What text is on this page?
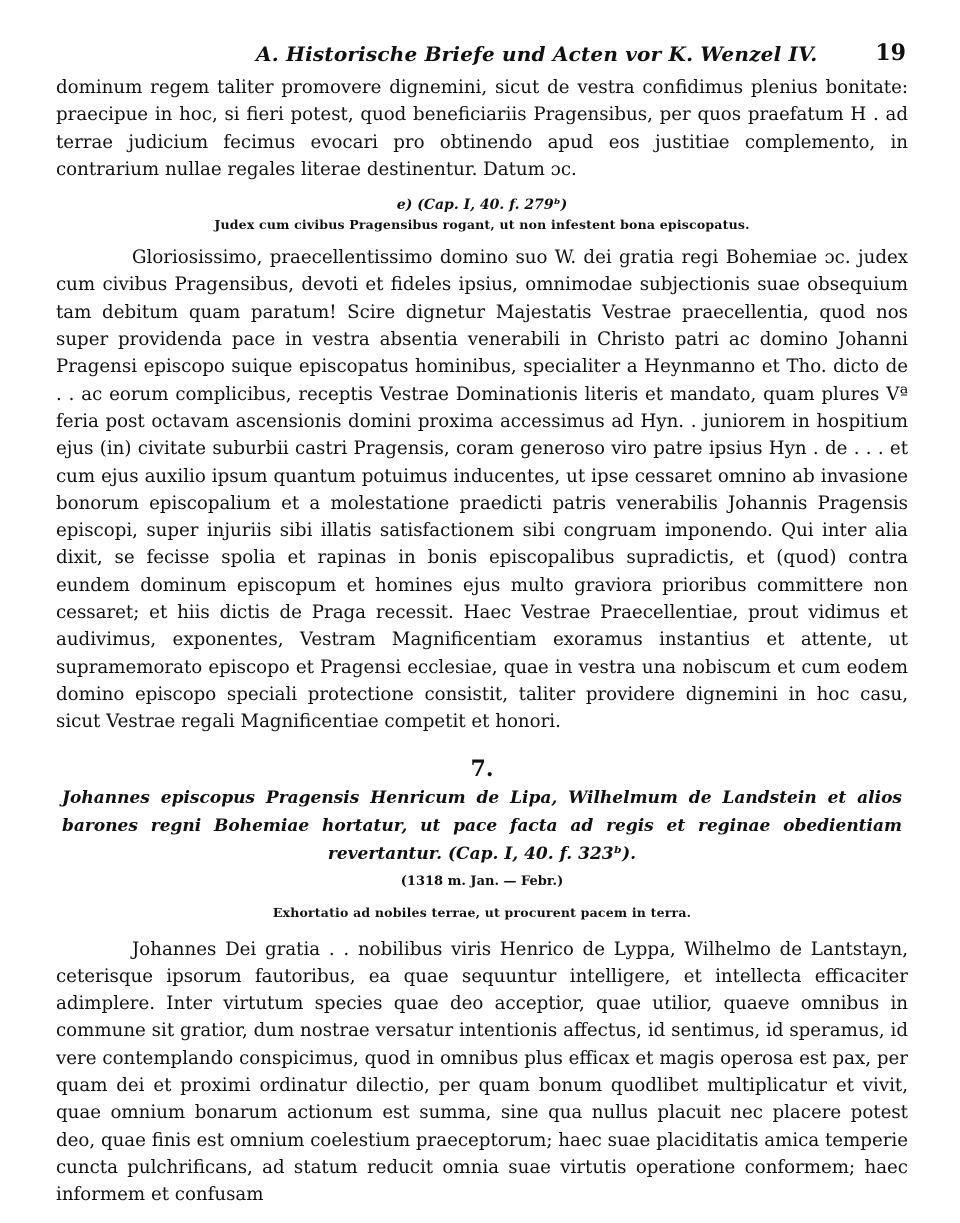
A. Historische Briefe und Acten vor K. Wenzel IV.	19

dominum regem taliter promovere dignemini, sicut de vestra confidimus plenius bonitate: praecipue in hoc, si fieri potest, quod beneficiariis Pragensibus, per quos praefatum H . ad terrae judicium fecimus evocari pro obtinendo apud eos justitiae complemento, in contrarium nullae regales literae destinentur. Datum ɔc.

e) (Cap. I, 40. f. 279ᵇ)
Judex cum civibus Pragensibus rogant, ut non infestent bona episcopatus.

Gloriosissimo, praecellentissimo domino suo W. dei gratia regi Bohemiae ɔc. judex cum civibus Pragensibus, devoti et fideles ipsius, omnimodae subjectionis suae obsequium tam debitum quam paratum! Scire dignetur Majestatis Vestrae praecellentia, quod nos super providenda pace in vestra absentia venerabili in Christo patri ac domino Johanni Pragensi episcopo suique episcopatus hominibus, specialiter a Heynmanno et Tho. dicto de . . ac eorum complicibus, receptis Vestrae Dominationis literis et mandato, quam plures Vª feria post octavam ascensionis domini proxima accessimus ad Hyn. . juniorem in hospitium ejus (in) civitate suburbii castri Pragensis, coram generoso viro patre ipsius Hyn . de . . . et cum ejus auxilio ipsum quantum potuimus inducentes, ut ipse cessaret omnino ab invasione bonorum episcopalium et a molestatione praedicti patris venerabilis Johannis Pragensis episcopi, super injuriis sibi illatis satisfactionem sibi congruam imponendo. Qui inter alia dixit, se fecisse spolia et rapinas in bonis episcopalibus supradictis, et (quod) contra eundem dominum episcopum et homines ejus multo graviora prioribus committere non cessaret; et hiis dictis de Praga recessit. Haec Vestrae Praecellentiae, prout vidimus et audivimus, exponentes, Vestram Magnificentiam exoramus instantius et attente, ut supramemorato episcopo et Pragensi ecclesiae, quae in vestra una nobiscum et cum eodem domino episcopo speciali protectione consistit, taliter providere dignemini in hoc casu, sicut Vestrae regali Magnificentiae competit et honori.

7.
Johannes episcopus Pragensis Henricum de Lipa, Wilhelmum de Landstein et alios barones regni Bohemiae hortatur, ut pace facta ad regis et reginae obedientiam revertantur. (Cap. I, 40. f. 323ᵇ).
(1318 m. Jan. — Febr.)
Exhortatio ad nobiles terrae, ut procurent pacem in terra.

Johannes Dei gratia . . nobilibus viris Henrico de Lyppa, Wilhelmo de Lantstayn, ceterisque ipsorum fautoribus, ea quae sequuntur intelligere, et intellecta efficaciter adimplere. Inter virtutum species quae deo acceptior, quae utilior, quaeve omnibus in commune sit gratior, dum nostrae versatur intentionis affectus, id sentimus, id speramus, id vere contemplando conspicimus, quod in omnibus plus efficax et magis operosa est pax, per quam dei et proximi ordinatur dilectio, per quam bonum quodlibet multiplicatur et vivit, quae omnium bonarum actionum est summa, sine qua nullus placuit nec placere potest deo, quae finis est omnium coelestium praeceptorum; haec suae placiditatis amica temperie cuncta pulchrificans, ad statum reducit omnia suae virtutis operatione conformem; haec informem et confusam
